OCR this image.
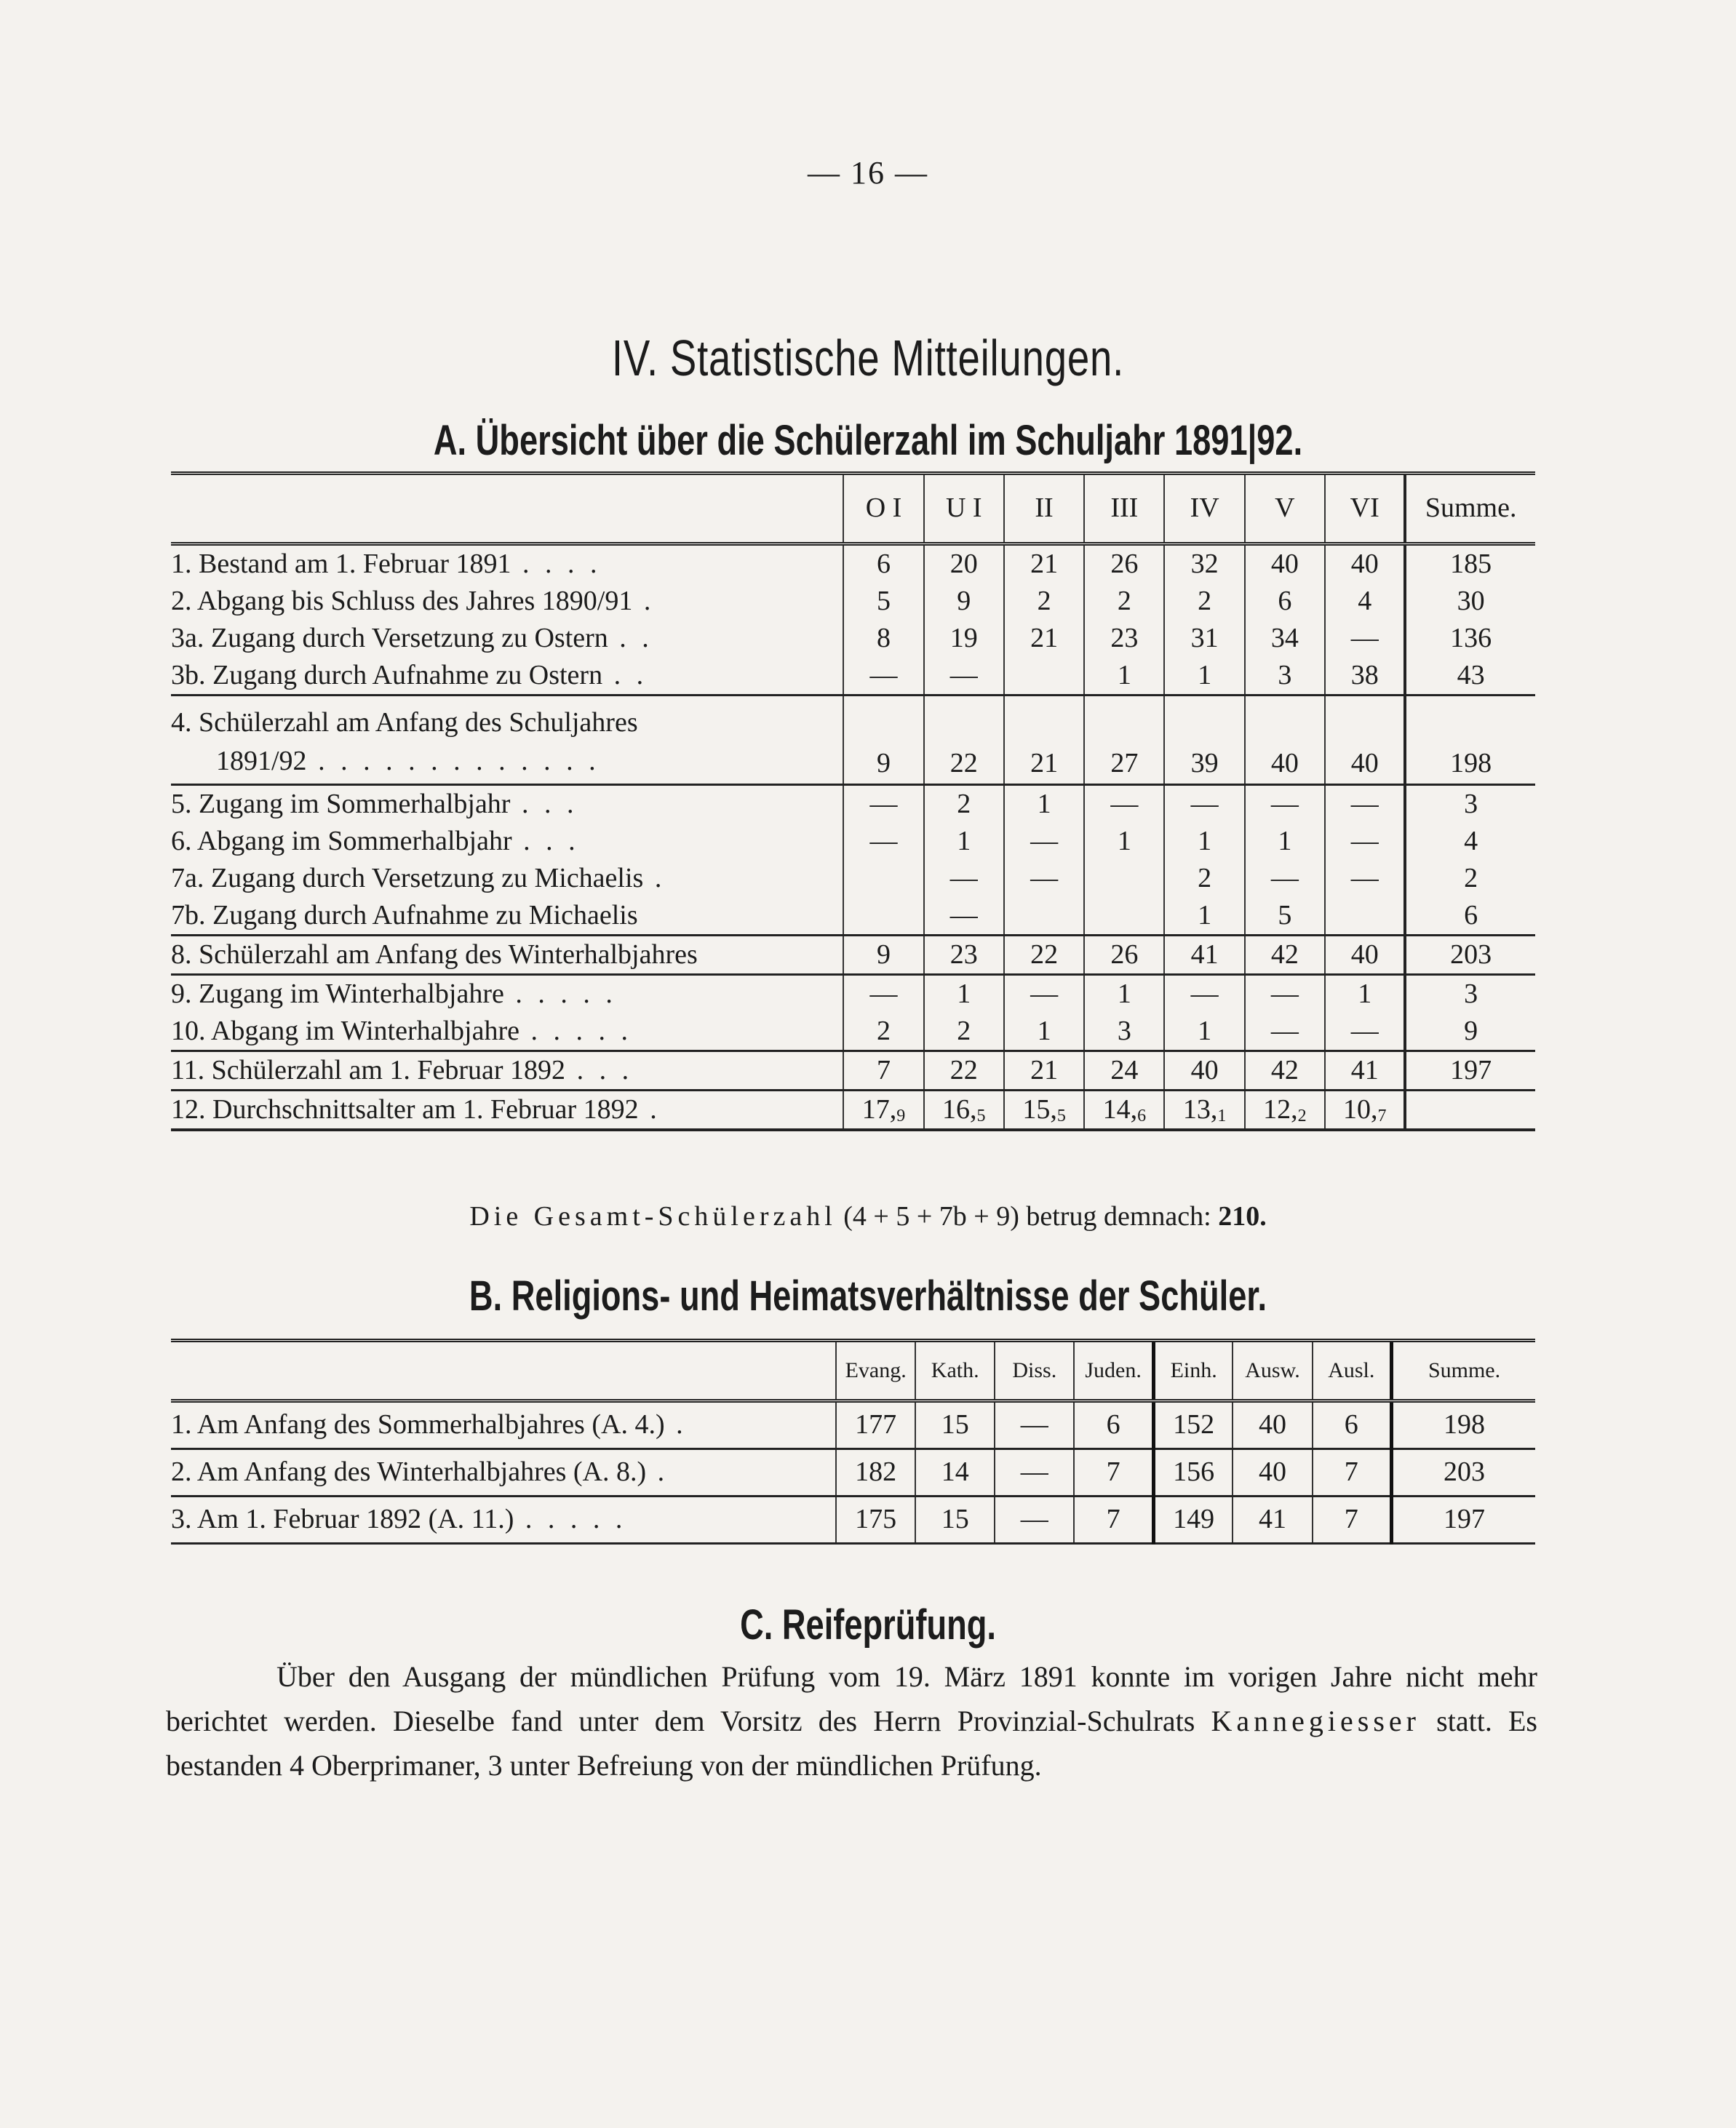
— 16 —
IV. Statistische Mitteilungen.
A. Übersicht über die Schülerzahl im Schuljahr 1891|92.
	O I	U I	II	III	IV	V	VI	Summe.
1. Bestand am 1. Februar 1891 . . . .	6	20	21	26	32	40	40	185
2. Abgang bis Schluss des Jahres 1890/91 .	5	9	2	2	2	6	4	30
3a. Zugang durch Versetzung zu Ostern . .	8	19	21	23	31	34	—	136
3b. Zugang durch Aufnahme zu Ostern . .	—	—		1	1	3	38	43
4. Schülerzahl am Anfang des Schuljahres
1891/92 . . . . . . . . . . . . .	9	22	21	27	39	40	40	198
5. Zugang im Sommerhalbjahr . . .	—	2	1	—	—	—	—	3
6. Abgang im Sommerhalbjahr . . .	—	1	—	1	1	1	—	4
7a. Zugang durch Versetzung zu Michaelis .		—	—		2	—	—	2
7b. Zugang durch Aufnahme zu Michaelis		—			1	5		6
8. Schülerzahl am Anfang des Winterhalbjahres	9	23	22	26	41	42	40	203
9. Zugang im Winterhalbjahre . . . . .	—	1	—	1	—	—	1	3
10. Abgang im Winterhalbjahre . . . . .	2	2	1	3	1	—	—	9
11. Schülerzahl am 1. Februar 1892 . . .	7	22	21	24	40	42	41	197
12. Durchschnittsalter am 1. Februar 1892 .	$17,_9$	$16,_5$	$15,_5$	$14,_6$	$13,_1$	$12,_2$	$10,_7$	
Die Gesamt-Schülerzahl (4 + 5 + 7b + 9) betrug demnach: 210.
B. Religions- und Heimatsverhältnisse der Schüler.
	Evang.	Kath.	Diss.	Juden.	Einh.	Ausw.	Ausl.	Summe.
1. Am Anfang des Sommerhalbjahres (A. 4.) .	177	15	—	6	152	40	6	198
2. Am Anfang des Winterhalbjahres (A. 8.) .	182	14	—	7	156	40	7	203
3. Am 1. Februar 1892 (A. 11.) . . . . .	175	15	—	7	149	41	7	197
C. Reifeprüfung.

Über den Ausgang der mündlichen Prüfung vom 19. März 1891 konnte im vorigen Jahre nicht mehr berichtet werden. Dieselbe fand unter dem Vorsitz des Herrn Provinzial-Schulrats Kannegiesser statt. Es bestanden 4 Oberprimaner, 3 unter Befreiung von der mündlichen Prüfung.
